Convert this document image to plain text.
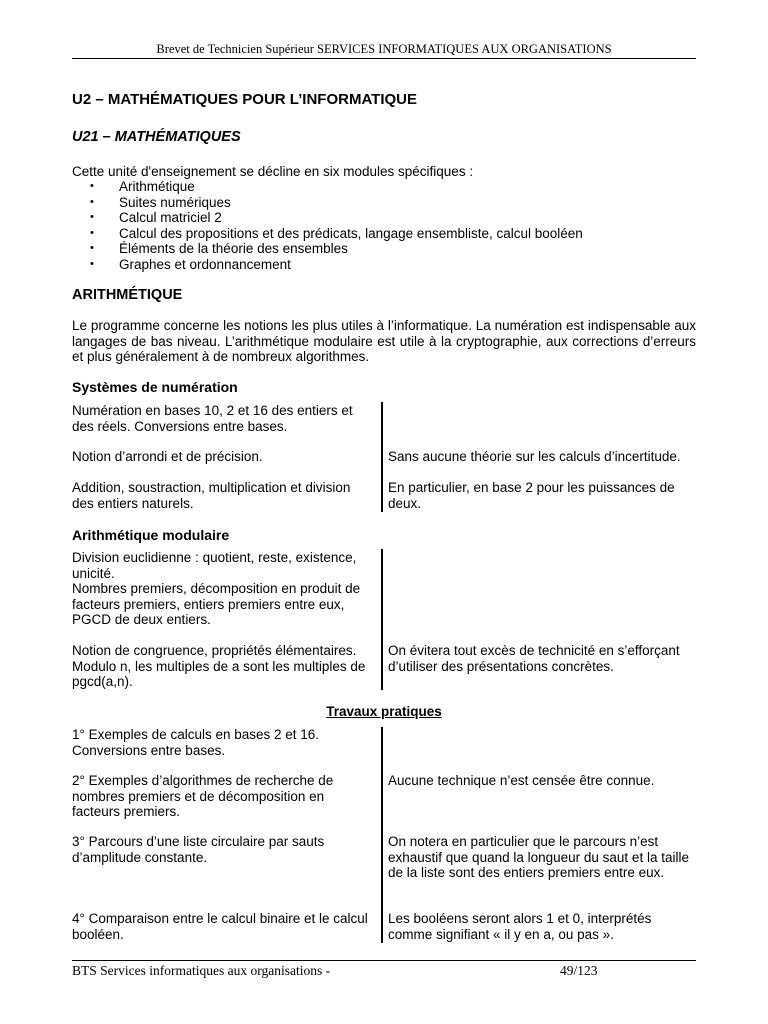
Brevet de Technicien Supérieur SERVICES INFORMATIQUES AUX ORGANISATIONS
U2 – MATHÉMATIQUES POUR L’INFORMATIQUE
U21 – MATHÉMATIQUES
Cette unité d'enseignement se décline en six modules spécifiques :
• Arithmétique
• Suites numériques
• Calcul matriciel 2
• Calcul des propositions et des prédicats, langage ensembliste, calcul booléen
• Éléments de la théorie des ensembles
• Graphes et ordonnancement
ARITHMÉTIQUE
Le programme concerne les notions les plus utiles à l’informatique. La numération est indispensable aux langages de bas niveau. L’arithmétique modulaire est utile à la cryptographie, aux corrections d’erreurs et plus généralement à de nombreux algorithmes.
Systèmes de numération
Numération en bases 10, 2 et 16 des entiers et des réels. Conversions entre bases.
Notion d’arrondi et de précision.	Sans aucune théorie sur les calculs d’incertitude.
Addition, soustraction, multiplication et division des entiers naturels.
En particulier, en base 2 pour les puissances de deux.
Arithmétique modulaire
Division euclidienne : quotient, reste, existence, unicité.
Nombres premiers, décomposition en produit de facteurs premiers, entiers premiers entre eux, PGCD de deux entiers.
Notion de congruence, propriétés élémentaires. Modulo n, les multiples de a sont les multiples de pgcd(a,n).
On évitera tout excès de technicité en s’efforçant d’utiliser des présentations concrètes.
Travaux pratiques
1° Exemples de calculs en bases 2 et 16. Conversions entre bases.
2° Exemples d’algorithmes de recherche de nombres premiers et de décomposition en facteurs premiers.
Aucune technique n’est censée être connue.
3° Parcours d’une liste circulaire par sauts d’amplitude constante.
On notera en particulier que le parcours n’est exhaustif que quand la longueur du saut et la taille de la liste sont des entiers premiers entre eux.
4° Comparaison entre le calcul binaire et le calcul booléen.
Les booléens seront alors 1 et 0, interprétés comme signifiant « il y en a, ou pas ».
BTS Services informatiques aux organisations -	49/123
